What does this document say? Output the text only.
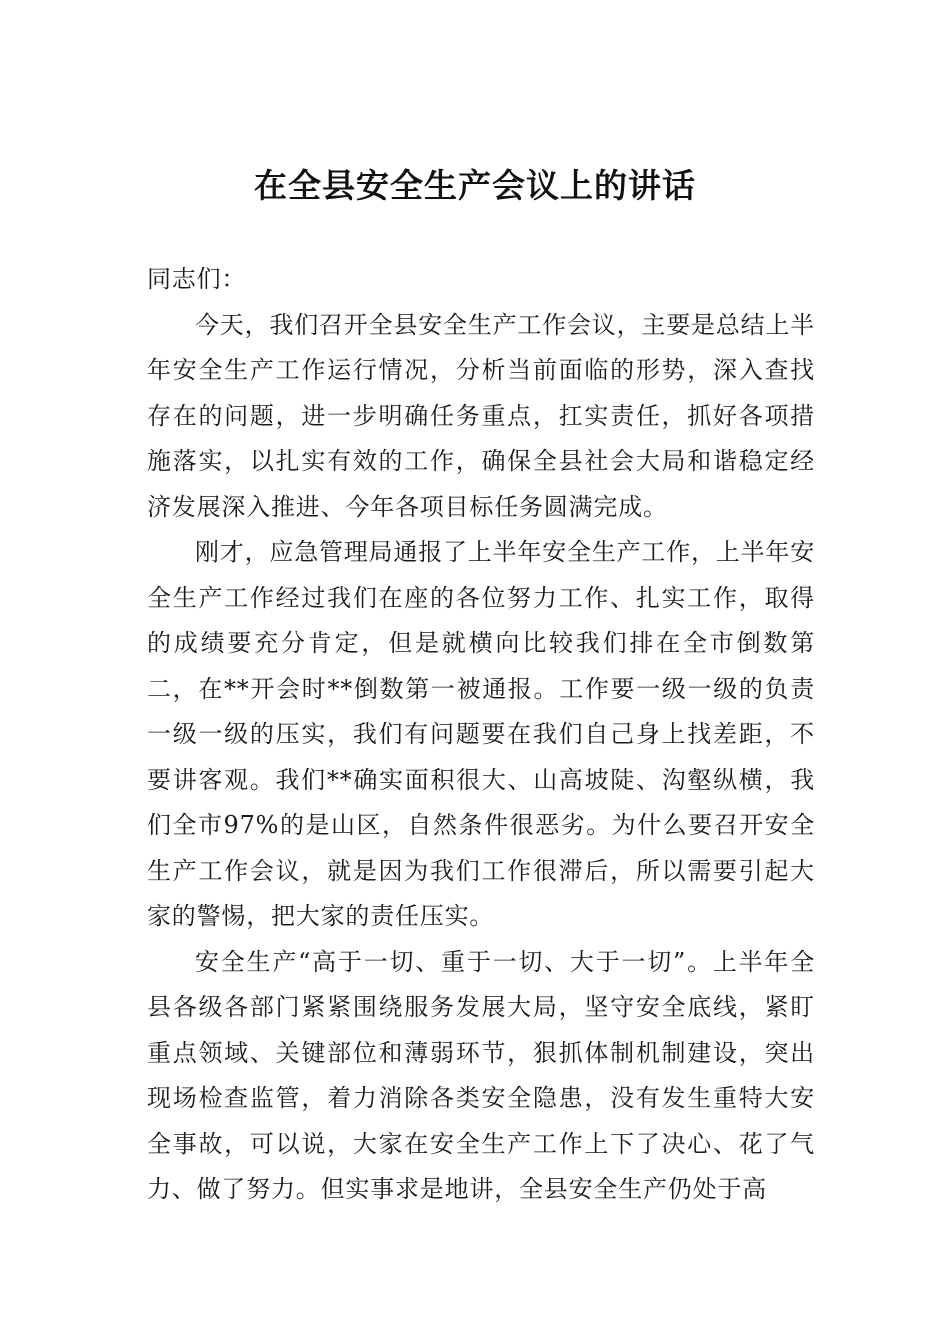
在全县安全生产会议上的讲话

同志们：

今天，我们召开全县安全生产工作会议，主要是总结上半年安全生产工作运行情况，分析当前面临的形势，深入查找存在的问题，进一步明确任务重点，扛实责任，抓好各项措施落实，以扎实有效的工作，确保全县社会大局和谐稳定经济发展深入推进、今年各项目标任务圆满完成。

刚才，应急管理局通报了上半年安全生产工作，上半年安全生产工作经过我们在座的各位努力工作、扎实工作，取得的成绩要充分肯定，但是就横向比较我们排在全市倒数第二，在**开会时**倒数第一被通报。工作要一级一级的负责一级一级的压实，我们有问题要在我们自己身上找差距，不要讲客观。我们**确实面积很大、山高坡陡、沟壑纵横，我们全市97%的是山区，自然条件很恶劣。为什么要召开安全生产工作会议，就是因为我们工作很滞后，所以需要引起大家的警惕，把大家的责任压实。

安全生产“高于一切、重于一切、大于一切”。上半年全县各级各部门紧紧围绕服务发展大局，坚守安全底线，紧盯重点领域、关键部位和薄弱环节，狠抓体制机制建设，突出现场检查监管，着力消除各类安全隐患，没有发生重特大安全事故，可以说，大家在安全生产工作上下了决心、花了气力、做了努力。但实事求是地讲，全县安全生产仍处于高
